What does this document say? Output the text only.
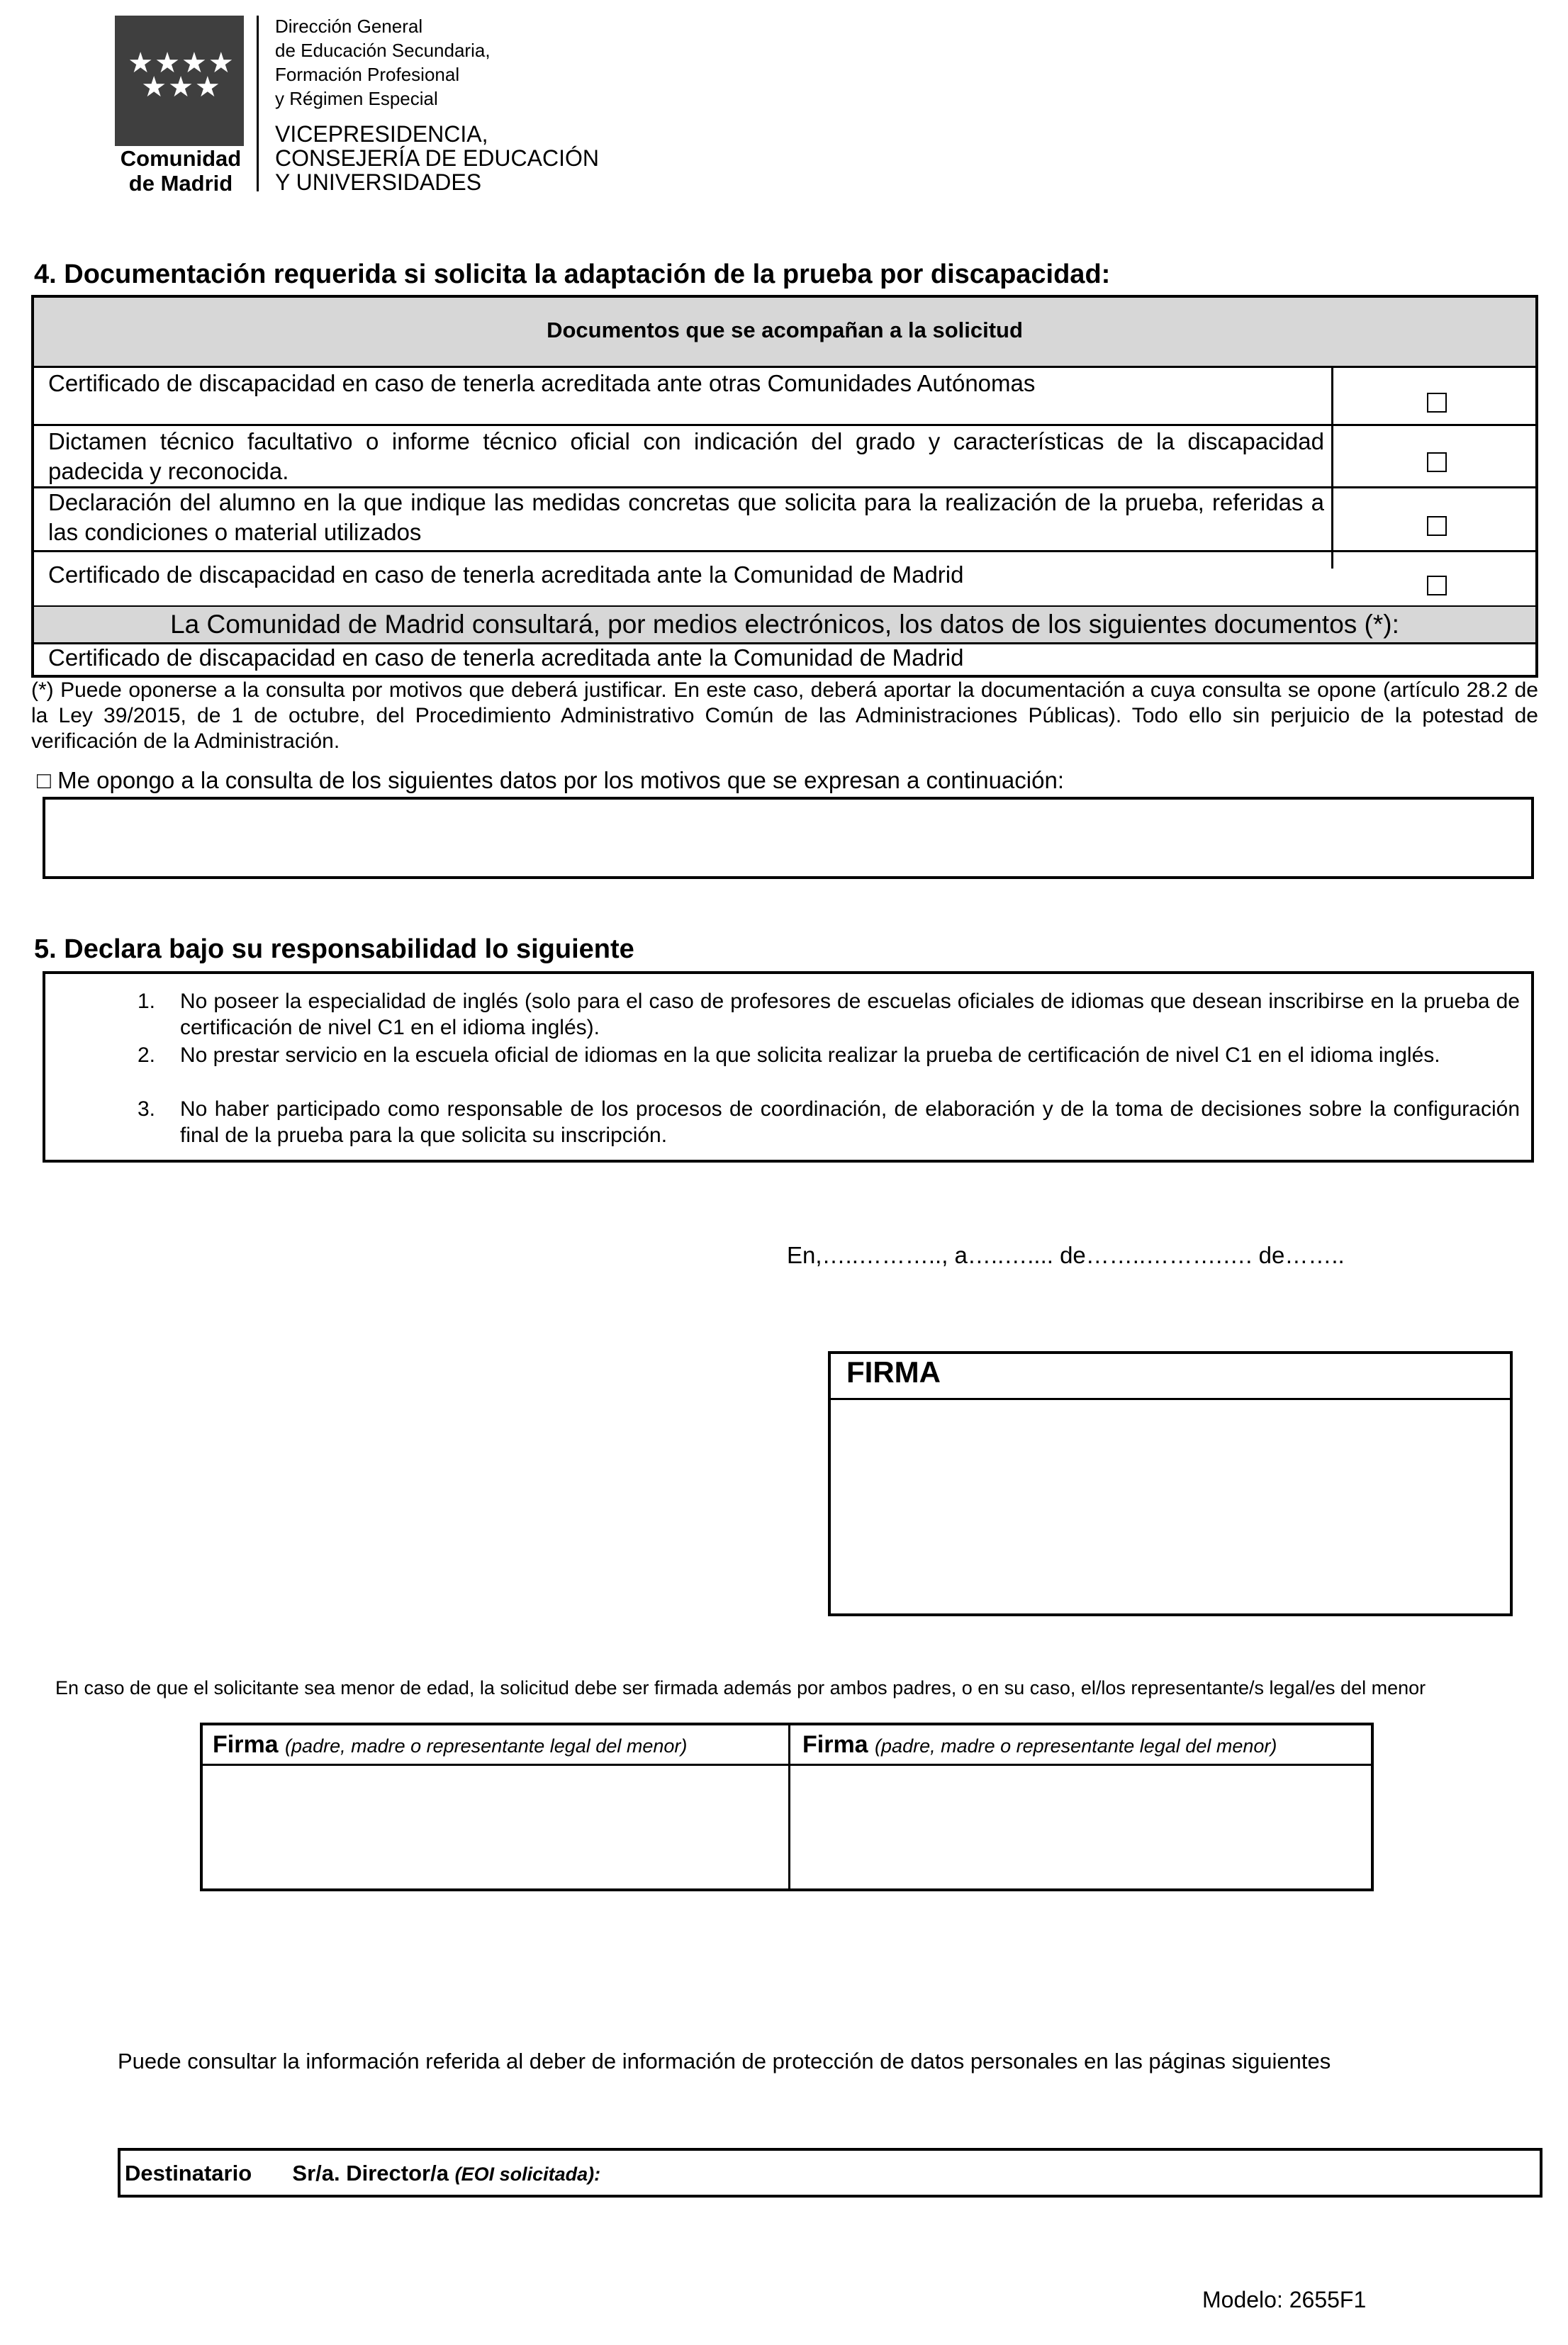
★★★★
★★★
Comunidad
de Madrid
Dirección General
de Educación Secundaria,
Formación Profesional
y Régimen Especial
VICEPRESIDENCIA,
CONSEJERÍA DE EDUCACIÓN
Y UNIVERSIDADES
4. Documentación requerida si solicita la adaptación de la prueba por discapacidad:
Documentos que se acompañan a la solicitud
Certificado de discapacidad en caso de tenerla acreditada ante otras Comunidades Autónomas
Dictamen técnico facultativo o informe técnico oficial con indicación del grado y características de la discapacidad padecida y reconocida.
Declaración del alumno en la que indique las medidas concretas que solicita para la realización de la prueba, referidas a las condiciones o material utilizados
Certificado de discapacidad en caso de tenerla acreditada ante la Comunidad de Madrid
La Comunidad de Madrid consultará, por medios electrónicos, los datos de los siguientes documentos (*):
Certificado de discapacidad en caso de tenerla acreditada ante la Comunidad de Madrid
(*) Puede oponerse a la consulta por motivos que deberá justificar. En este caso, deberá aportar la documentación a cuya consulta se opone (artículo 28.2 de la Ley 39/2015, de 1 de octubre, del Procedimiento Administrativo Común de las Administraciones Públicas). Todo ello sin perjuicio de la potestad de verificación de la Administración.
□ Me opongo a la consulta de los siguientes datos por los motivos que se expresan a continuación:
5. Declara bajo su responsabilidad lo siguiente
1. No poseer la especialidad de inglés (solo para el caso de profesores de escuelas oficiales de idiomas que desean inscribirse en la prueba de certificación de nivel C1 en el idioma inglés).
2. No prestar servicio en la escuela oficial de idiomas en la que solicita realizar la prueba de certificación de nivel C1 en el idioma inglés.
3. No haber participado como responsable de los procesos de coordinación, de elaboración y de la toma de decisiones sobre la configuración final de la prueba para la que solicita su inscripción.
En,…..……….., a…..….... de……..……….…. de……..
FIRMA
En caso de que el solicitante sea menor de edad, la solicitud debe ser firmada además por ambos padres, o en su caso, el/los representante/s legal/es del menor
Firma (padre, madre o representante legal del menor)	Firma (padre, madre o representante legal del menor)
Puede consultar la información referida al deber de información de protección de datos personales en las páginas siguientes
Destinatario Sr/a. Director/a (EOI solicitada):
Modelo: 2655F1
